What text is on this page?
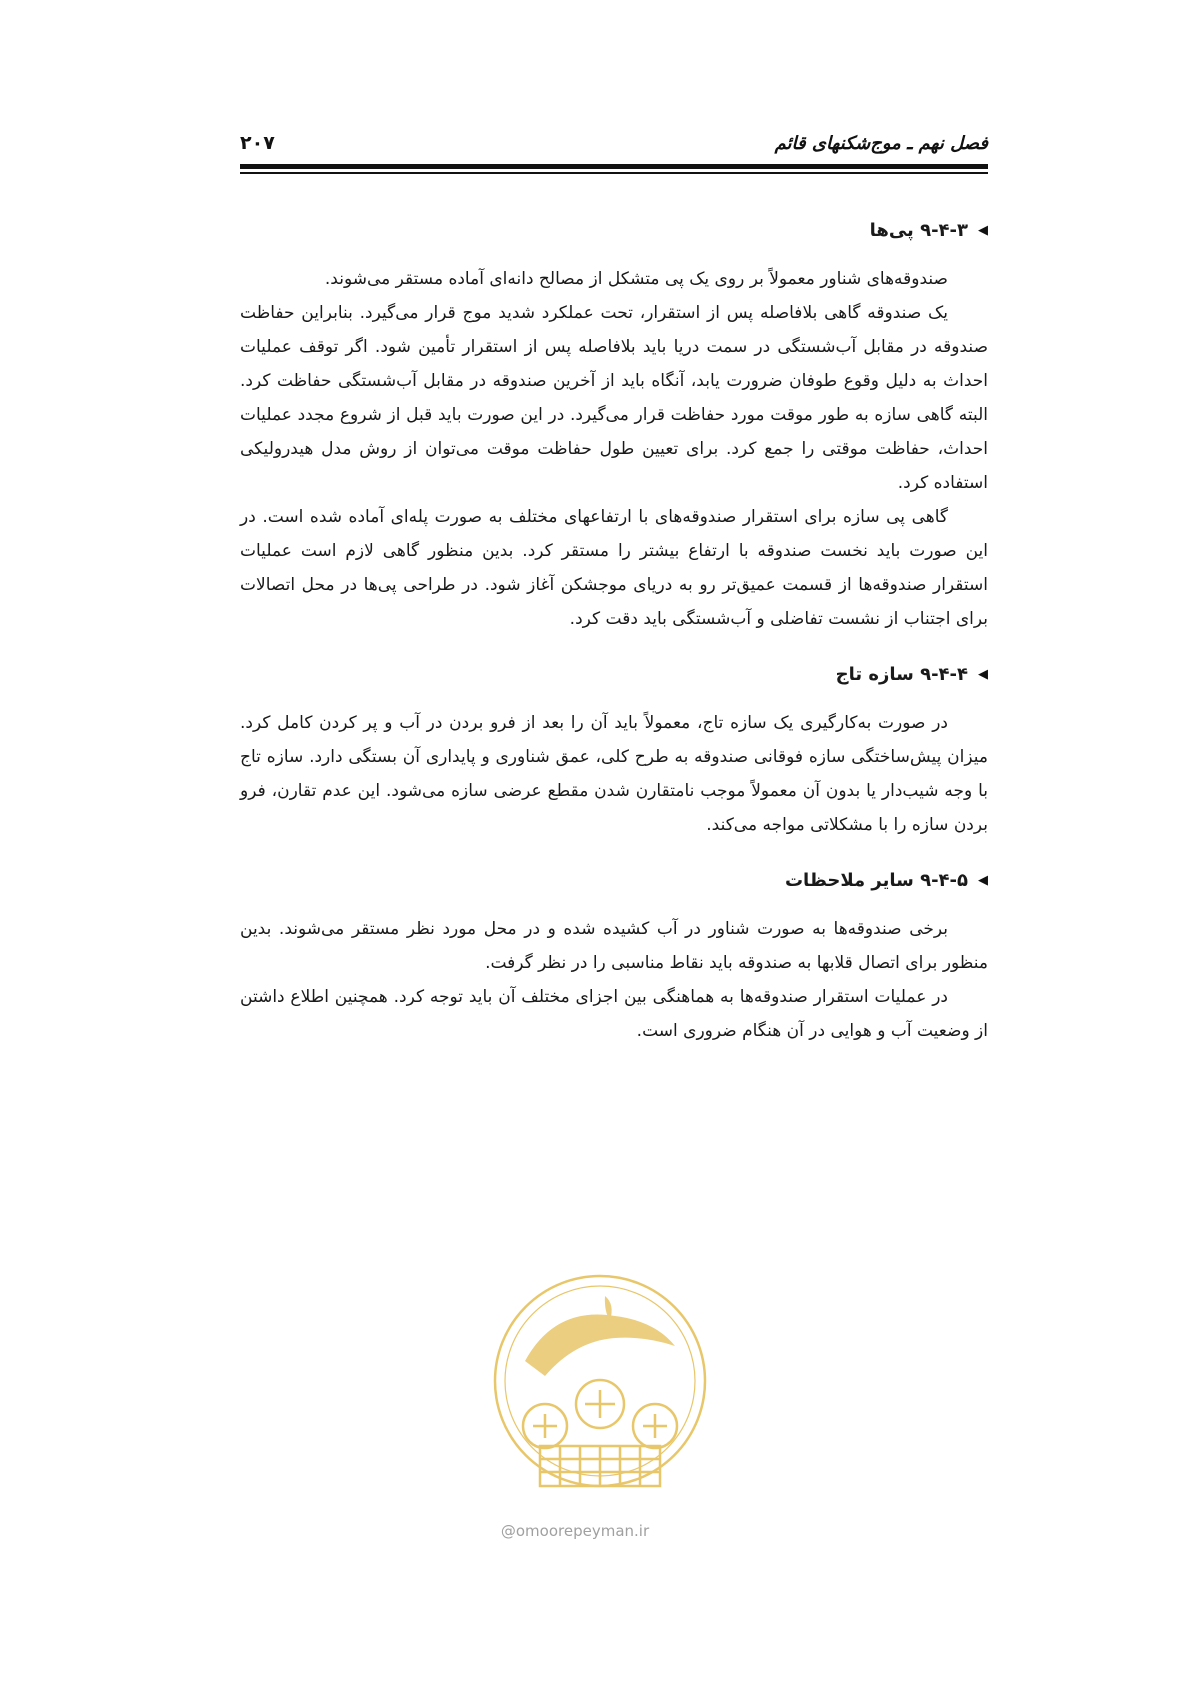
۲۰۷	فصل نهم ـ موج‌شکنهای قائم
◀
۹-۴-۳ پی‌ها

صندوقه‌های شناور معمولاً بر روی یک پی متشکل از مصالح دانه‌ای آماده مستقر می‌شوند.

یک صندوقه گاهی بلافاصله پس از استقرار، تحت عملکرد شدید موج قرار می‌گیرد. بنابراین حفاظت صندوقه در مقابل آب‌شستگی در سمت دریا باید بلافاصله پس از استقرار تأمین شود. اگر توقف عملیات احداث به دلیل وقوع طوفان ضرورت یابد، آنگاه باید از آخرین صندوقه در مقابل آب‌شستگی حفاظت کرد. البته گاهی سازه به طور موقت مورد حفاظت قرار می‌گیرد. در این صورت باید قبل از شروع مجدد عملیات احداث، حفاظت موقتی را جمع کرد. برای تعیین طول حفاظت موقت می‌توان از روش مدل هیدرولیکی استفاده کرد.

گاهی پی سازه برای استقرار صندوقه‌های با ارتفاعهای مختلف به صورت پله‌ای آماده شده است. در این صورت باید نخست صندوقه با ارتفاع بیشتر را مستقر کرد. بدین منظور گاهی لازم است عملیات استقرار صندوقه‌ها از قسمت عمیق‌تر رو به دریای موجشکن آغاز شود. در طراحی پی‌ها در محل اتصالات برای اجتناب از نشست تفاضلی و آب‌شستگی باید دقت کرد.

◀
۹-۴-۴ سازه تاج

در صورت به‌کارگیری یک سازه تاج، معمولاً باید آن را بعد از فرو بردن در آب و پر کردن کامل کرد. میزان پیش‌ساختگی سازه فوقانی صندوقه به طرح کلی، عمق شناوری و پایداری آن بستگی دارد. سازه تاج با وجه شیب‌دار یا بدون آن معمولاً موجب نامتقارن شدن مقطع عرضی سازه می‌شود. این عدم تقارن، فرو بردن سازه را با مشکلاتی مواجه می‌کند.

◀
۹-۴-۵ سایر ملاحظات

برخی صندوقه‌ها به صورت شناور در آب کشیده شده و در محل مورد نظر مستقر می‌شوند. بدین منظور برای اتصال قلابها به صندوقه باید نقاط مناسبی را در نظر گرفت.

در عملیات استقرار صندوقه‌ها به هماهنگی بین اجزای مختلف آن باید توجه کرد. همچنین اطلاع داشتن از وضعیت آب و هوایی در آن هنگام ضروری است.

@omoorepeyman.ir
